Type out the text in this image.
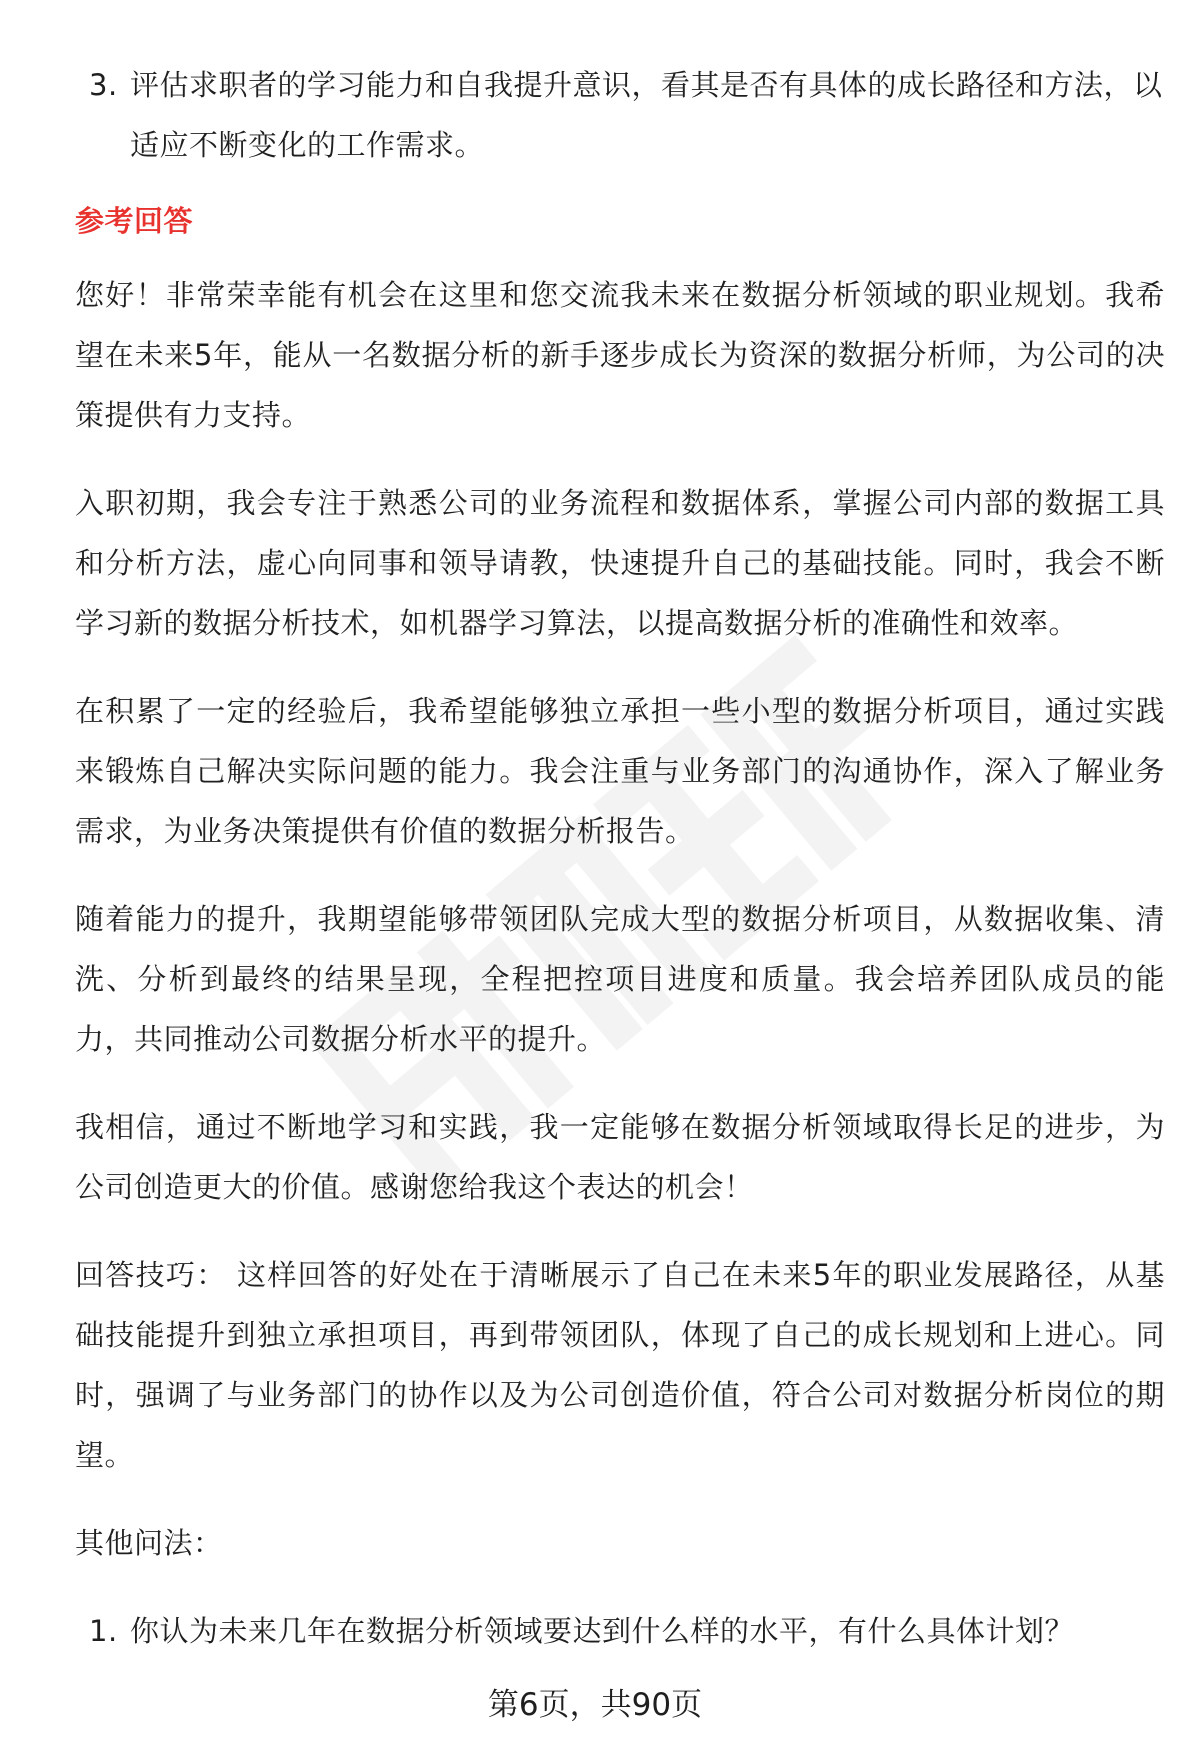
3. 评估求职者的学习能力和自我提升意识，看其是否有具体的成长路径和方法，以适应不断变化的工作需求。
参考回答
您好！非常荣幸能有机会在这里和您交流我未来在数据分析领域的职业规划。我希望在未来5年，能从一名数据分析的新手逐步成长为资深的数据分析师，为公司的决策提供有力支持。
入职初期，我会专注于熟悉公司的业务流程和数据体系，掌握公司内部的数据工具和分析方法，虚心向同事和领导请教，快速提升自己的基础技能。同时，我会不断学习新的数据分析技术，如机器学习算法，以提高数据分析的准确性和效率。
在积累了一定的经验后，我希望能够独立承担一些小型的数据分析项目，通过实践来锻炼自己解决实际问题的能力。我会注重与业务部门的沟通协作，深入了解业务需求，为业务决策提供有价值的数据分析报告。
随着能力的提升，我期望能够带领团队完成大型的数据分析项目，从数据收集、清洗、分析到最终的结果呈现，全程把控项目进度和质量。我会培养团队成员的能力，共同推动公司数据分析水平的提升。
我相信，通过不断地学习和实践，我一定能够在数据分析领域取得长足的进步，为公司创造更大的价值。感谢您给我这个表达的机会！
回答技巧： 这样回答的好处在于清晰展示了自己在未来5年的职业发展路径，从基础技能提升到独立承担项目，再到带领团队，体现了自己的成长规划和上进心。同时，强调了与业务部门的协作以及为公司创造价值，符合公司对数据分析岗位的期望。
其他问法：
1. 你认为未来几年在数据分析领域要达到什么样的水平，有什么具体计划？
第6页，共90页
